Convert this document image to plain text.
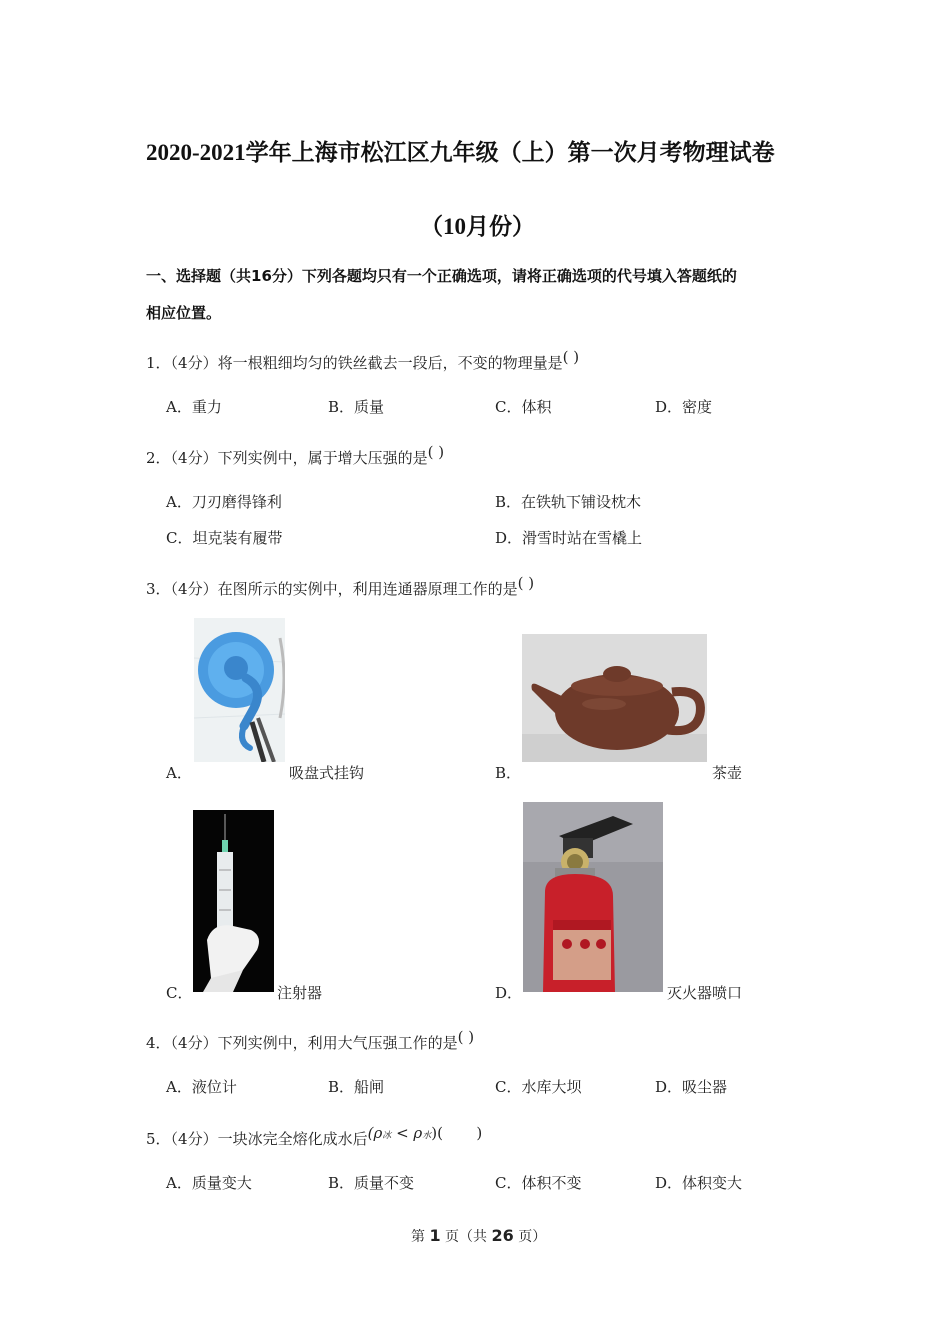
2020-2021学年上海市松江区九年级（上）第一次月考物理试卷
（10月份）
一、选择题（共16分）下列各题均只有一个正确选项，请将正确选项的代号填入答题纸的
相应位置。
1．（4分）将一根粗细均匀的铁丝截去一段后，不变的物理量是( )
A．重力	B．质量	C．体积	D．密度
2．（4分）下列实例中，属于增大压强的是( )
A．刀刃磨得锋利	B．在铁轨下铺设枕木
C．坦克装有履带	D．滑雪时站在雪橇上
3．（4分）在图所示的实例中，利用连通器原理工作的是( )
A．	吸盘式挂钩	B．	茶壶
C．	注射器	D．	灭火器喷口
4．（4分）下列实例中，利用大气压强工作的是( )
A．液位计	B．船闸	C．水库大坝	D．吸尘器
5．（4分）一块冰完全熔化成水后(ρ冰 < ρ水)(       )
A．质量变大	B．质量不变	C．体积不变	D．体积变大
第 1 页（共 26 页）
